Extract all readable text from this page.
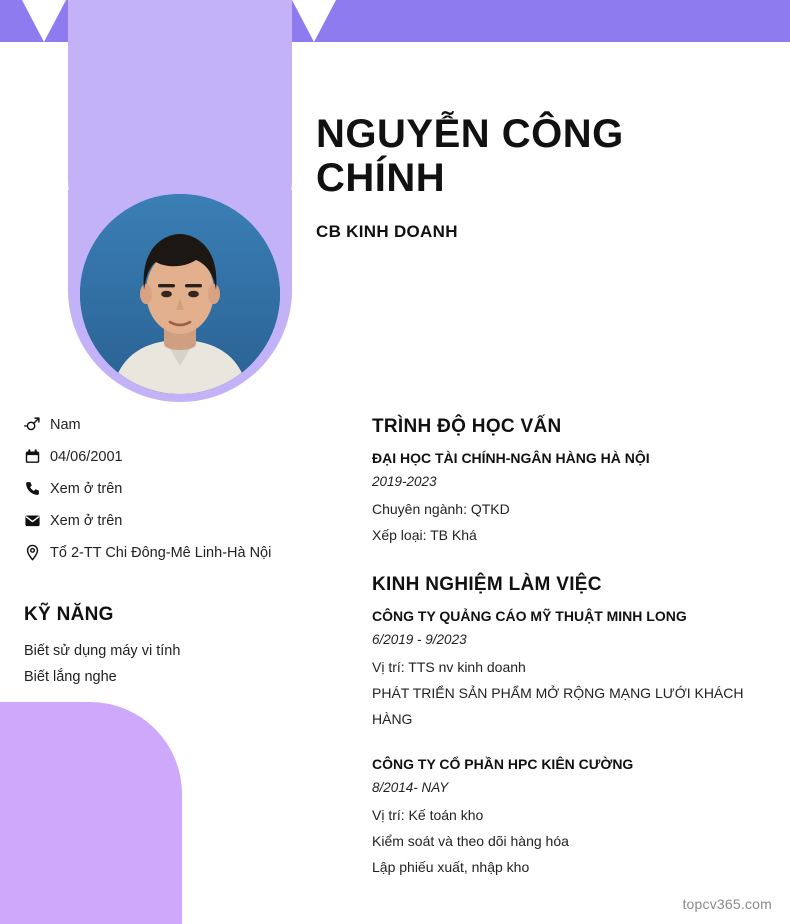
NGUYỄN CÔNG
CHÍNH
CB KINH DOANH
Nam
04/06/2001
Xem ở trên
Xem ở trên
Tổ 2-TT Chi Đông-Mê Linh-Hà Nội
KỸ NĂNG
Biết sử dụng máy vi tính
Biết lắng nghe
TRÌNH ĐỘ HỌC VẤN
ĐẠI HỌC TÀI CHÍNH-NGÂN HÀNG HÀ NỘI
2019-2023
Chuyên ngành: QTKD
Xếp loại: TB Khá
KINH NGHIỆM LÀM VIỆC
CÔNG TY QUẢNG CÁO MỸ THUẬT MINH LONG
6/2019 - 9/2023
Vị trí: TTS nv kinh doanh
PHÁT TRIỂN SẢN PHẨM MỞ RỘNG MẠNG LƯỚI KHÁCH HÀNG
CÔNG TY CỔ PHẦN HPC KIÊN CƯỜNG
8/2014- NAY
Vị trí: Kế toán kho
Kiểm soát và theo dõi hàng hóa
Lập phiếu xuất, nhập kho
topcv365.com
